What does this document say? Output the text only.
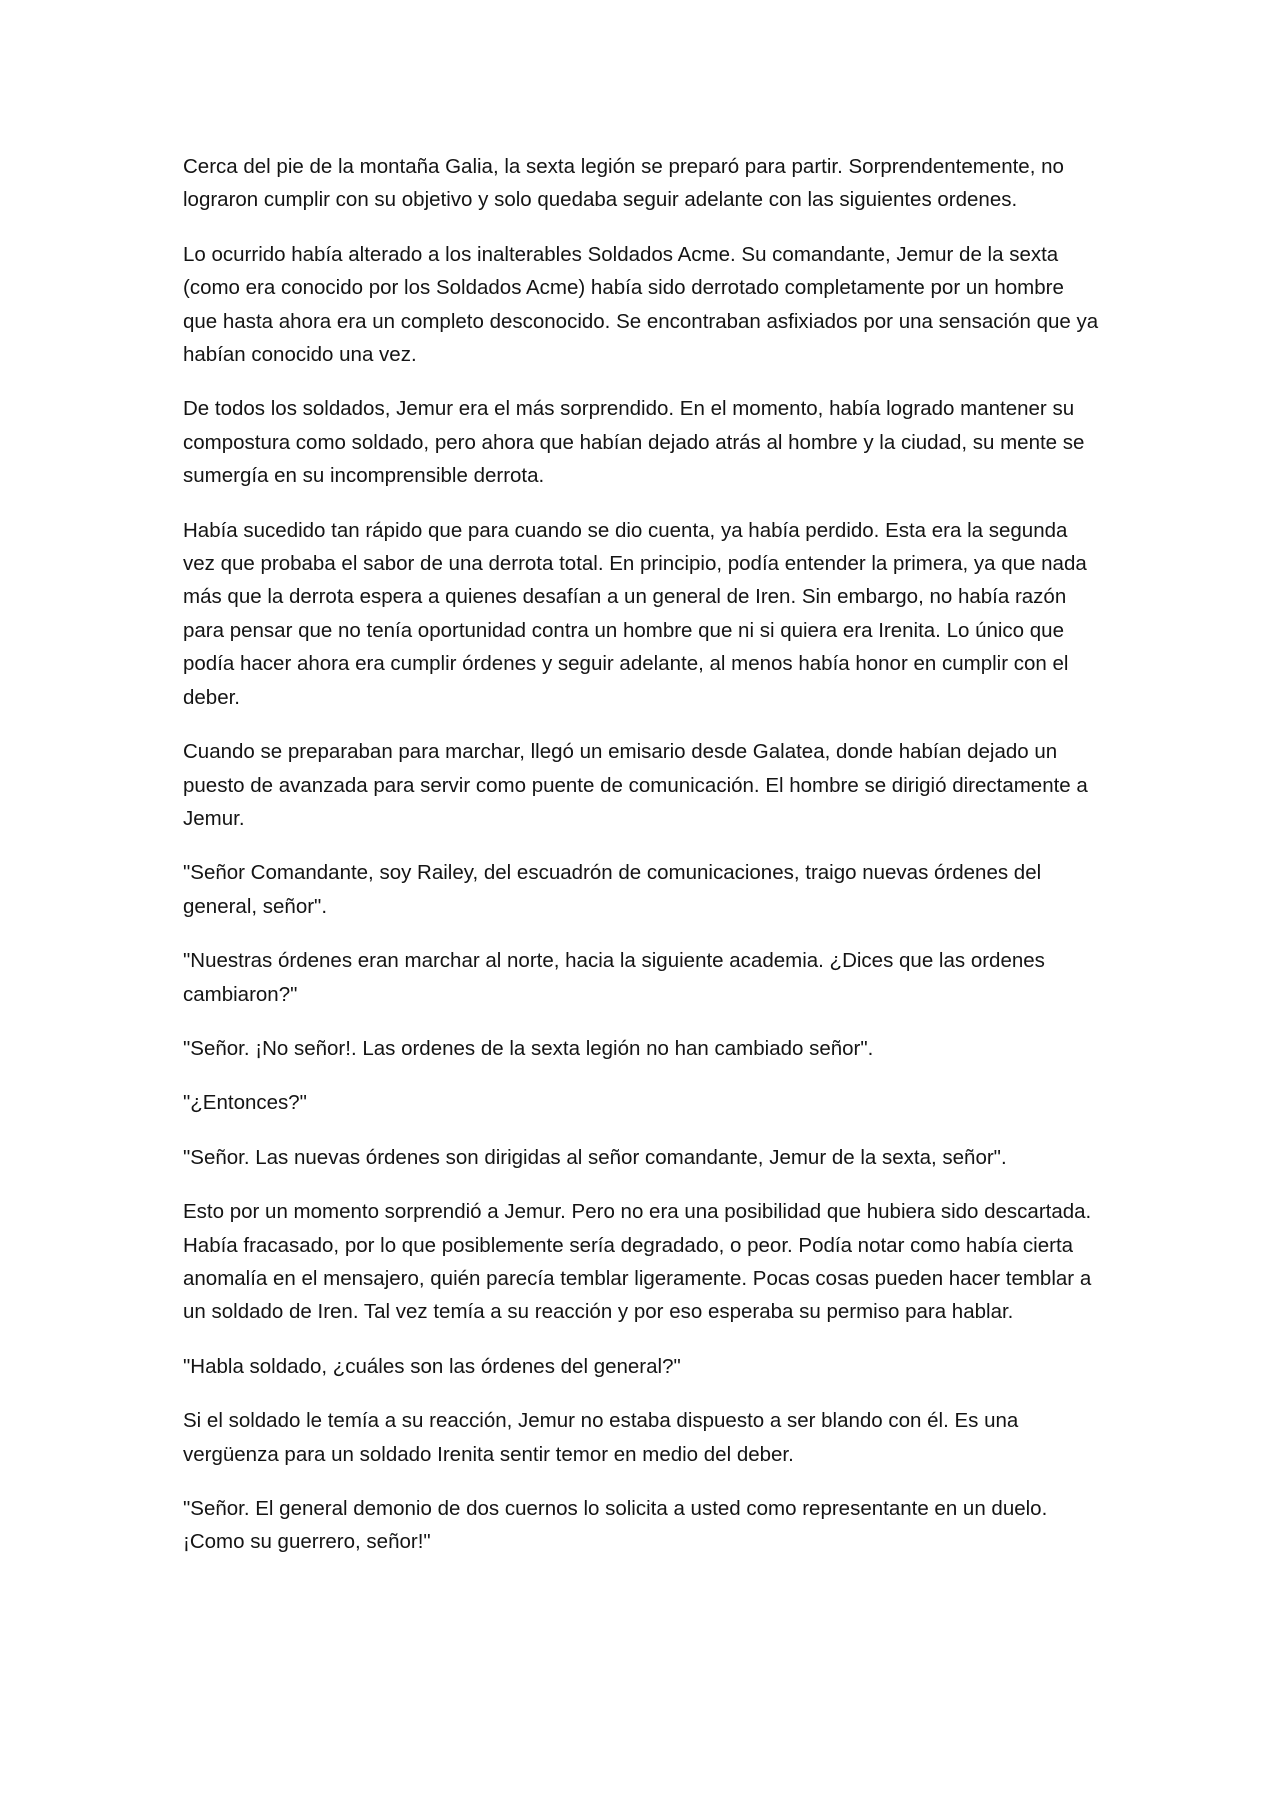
Cerca del pie de la montaña Galia, la sexta legión se preparó para partir. Sorprendentemente, no lograron cumplir con su objetivo y solo quedaba seguir adelante con las siguientes ordenes.

Lo ocurrido había alterado a los inalterables Soldados Acme. Su comandante, Jemur de la sexta (como era conocido por los Soldados Acme) había sido derrotado completamente por un hombre que hasta ahora era un completo desconocido. Se encontraban asfixiados por una sensación que ya habían conocido una vez.

De todos los soldados, Jemur era el más sorprendido. En el momento, había logrado mantener su compostura como soldado, pero ahora que habían dejado atrás al hombre y la ciudad, su mente se sumergía en su incomprensible derrota.

Había sucedido tan rápido que para cuando se dio cuenta, ya había perdido. Esta era la segunda vez que probaba el sabor de una derrota total. En principio, podía entender la primera, ya que nada más que la derrota espera a quienes desafían a un general de Iren. Sin embargo, no había razón para pensar que no tenía oportunidad contra un hombre que ni si quiera era Irenita. Lo único que podía hacer ahora era cumplir órdenes y seguir adelante, al menos había honor en cumplir con el deber.

Cuando se preparaban para marchar, llegó un emisario desde Galatea, donde habían dejado un puesto de avanzada para servir como puente de comunicación. El hombre se dirigió directamente a Jemur.

"Señor Comandante, soy Railey, del escuadrón de comunicaciones, traigo nuevas órdenes del general, señor".

"Nuestras órdenes eran marchar al norte, hacia la siguiente academia. ¿Dices que las ordenes cambiaron?"

"Señor. ¡No señor!. Las ordenes de la sexta legión no han cambiado señor".

"¿Entonces?"

"Señor. Las nuevas órdenes son dirigidas al señor comandante, Jemur de la sexta, señor".

Esto por un momento sorprendió a Jemur. Pero no era una posibilidad que hubiera sido descartada. Había fracasado, por lo que posiblemente sería degradado, o peor. Podía notar como había cierta anomalía en el mensajero, quién parecía temblar ligeramente. Pocas cosas pueden hacer temblar a un soldado de Iren. Tal vez temía a su reacción y por eso esperaba su permiso para hablar.

"Habla soldado, ¿cuáles son las órdenes del general?"

Si el soldado le temía a su reacción, Jemur no estaba dispuesto a ser blando con él. Es una vergüenza para un soldado Irenita sentir temor en medio del deber.

"Señor. El general demonio de dos cuernos lo solicita a usted como representante en un duelo. ¡Como su guerrero, señor!"
